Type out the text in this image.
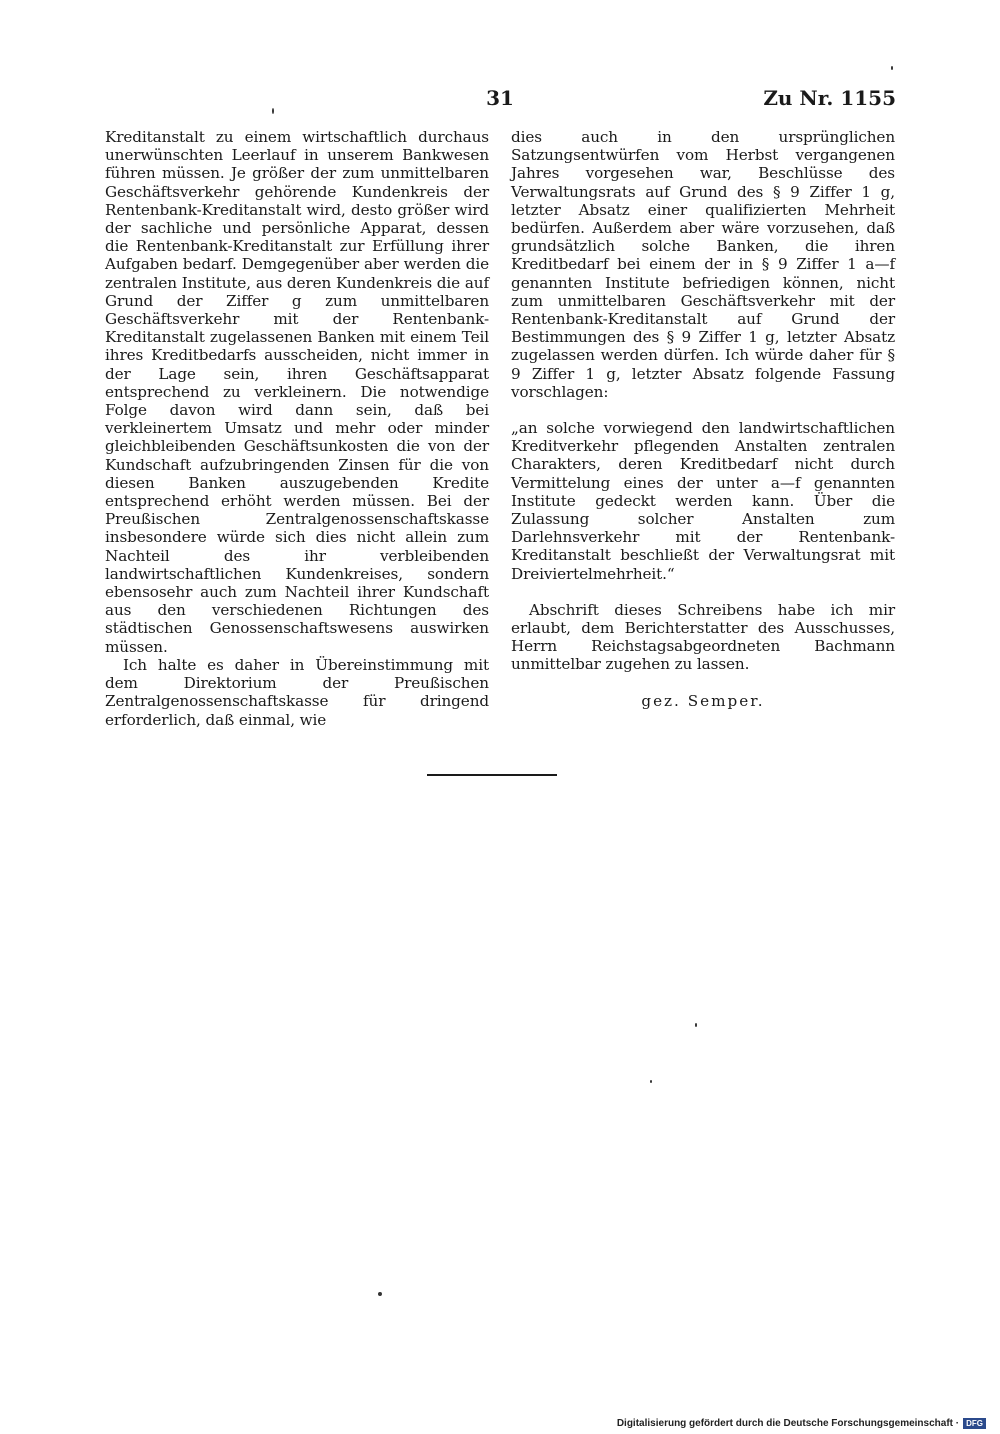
31	Zu Nr. 1155

Kreditanstalt zu einem wirtschaftlich durchaus unerwünschten Leerlauf in unserem Bankwesen führen müssen. Je größer der zum unmittelbaren Geschäftsverkehr gehörende Kundenkreis der Rentenbank-Kreditanstalt wird, desto größer wird der sachliche und persönliche Apparat, dessen die Rentenbank-Kreditanstalt zur Erfüllung ihrer Aufgaben bedarf. Demgegenüber aber werden die zentralen Institute, aus deren Kundenkreis die auf Grund der Ziffer g zum unmittelbaren Geschäftsverkehr mit der Rentenbank-Kreditanstalt zugelassenen Banken mit einem Teil ihres Kreditbedarfs ausscheiden, nicht immer in der Lage sein, ihren Geschäftsapparat entsprechend zu verkleinern. Die notwendige Folge davon wird dann sein, daß bei verkleinertem Umsatz und mehr oder minder gleichbleibenden Geschäftsunkosten die von der Kundschaft aufzubringenden Zinsen für die von diesen Banken auszugebenden Kredite entsprechend erhöht werden müssen. Bei der Preußischen Zentralgenossenschaftskasse insbesondere würde sich dies nicht allein zum Nachteil des ihr verbleibenden landwirtschaftlichen Kundenkreises, sondern ebensosehr auch zum Nachteil ihrer Kundschaft aus den verschiedenen Richtungen des städtischen Genossenschaftswesens auswirken müssen.

Ich halte es daher in Übereinstimmung mit dem Direktorium der Preußischen Zentralgenossenschaftskasse für dringend erforderlich, daß einmal, wie

dies auch in den ursprünglichen Satzungsentwürfen vom Herbst vergangenen Jahres vorgesehen war, Beschlüsse des Verwaltungsrats auf Grund des § 9 Ziffer 1 g, letzter Absatz einer qualifizierten Mehrheit bedürfen. Außerdem aber wäre vorzusehen, daß grundsätzlich solche Banken, die ihren Kreditbedarf bei einem der in § 9 Ziffer 1 a—f genannten Institute befriedigen können, nicht zum unmittelbaren Geschäftsverkehr mit der Rentenbank-Kreditanstalt auf Grund der Bestimmungen des § 9 Ziffer 1 g, letzter Absatz zugelassen werden dürfen. Ich würde daher für § 9 Ziffer 1 g, letzter Absatz folgende Fassung vorschlagen:

„an solche vorwiegend den landwirtschaftlichen Kreditverkehr pflegenden Anstalten zentralen Charakters, deren Kreditbedarf nicht durch Vermittelung eines der unter a—f genannten Institute gedeckt werden kann. Über die Zulassung solcher Anstalten zum Darlehnsverkehr mit der Rentenbank-Kreditanstalt beschließt der Verwaltungsrat mit Dreiviertelmehrheit.“

Abschrift dieses Schreibens habe ich mir erlaubt, dem Berichterstatter des Ausschusses, Herrn Reichstagsabgeordneten Bachmann unmittelbar zugehen zu lassen.

gez. Semper.
Digitalisierung gefördert durch die Deutsche Forschungsgemeinschaft · DFG
